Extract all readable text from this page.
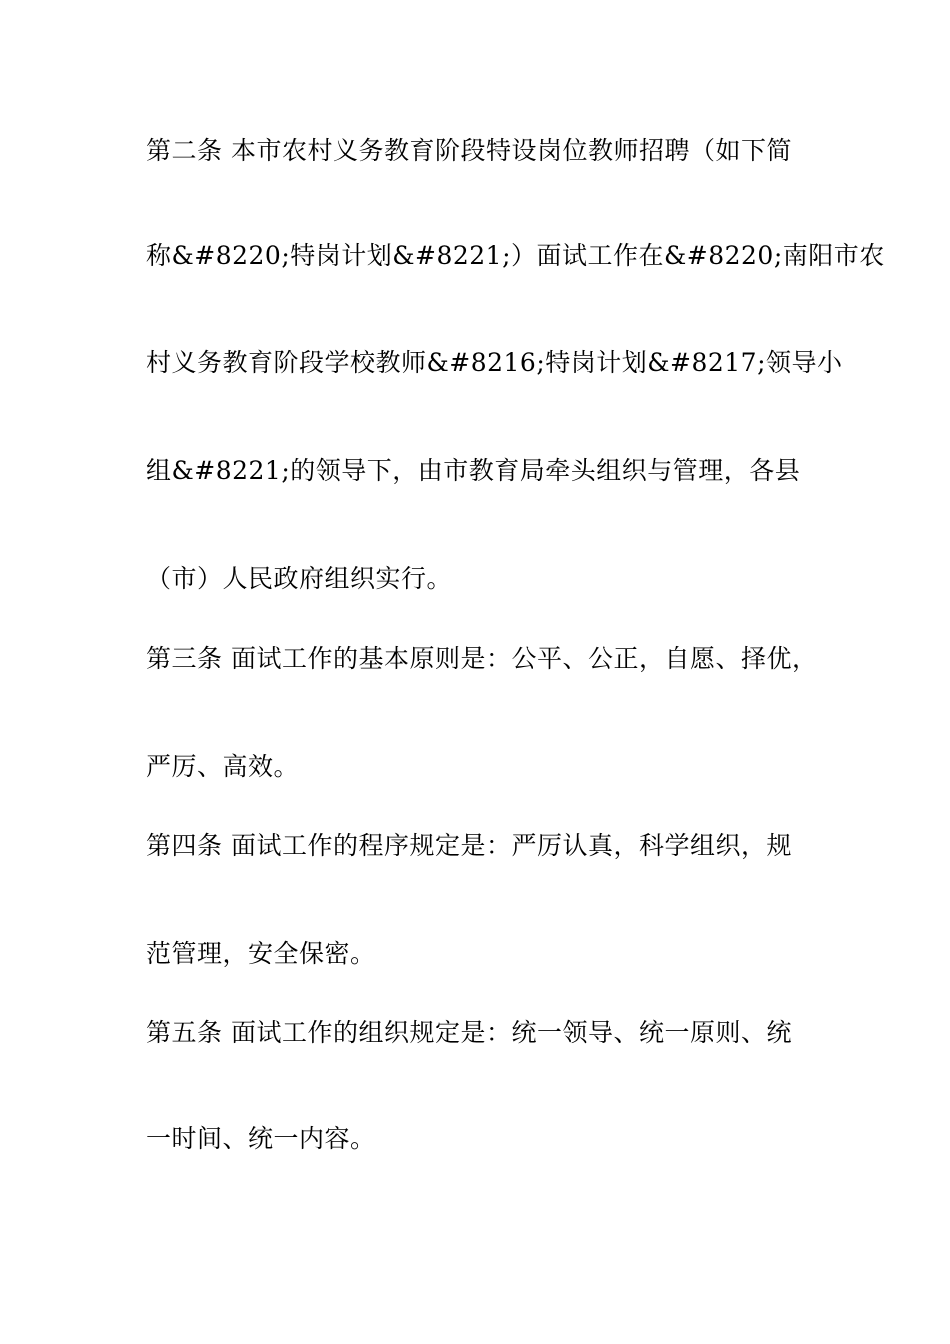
第二条 本市农村义务教育阶段特设岗位教师招聘（如下简
称&#8220;特岗计划&#8221;）面试工作在&#8220;南阳市农
村义务教育阶段学校教师&#8216;特岗计划&#8217;领导小
组&#8221;的领导下，由市教育局牵头组织与管理，各县
（市）人民政府组织实行。
第三条 面试工作的基本原则是：公平、公正，自愿、择优，
严厉、高效。
第四条 面试工作的程序规定是：严厉认真，科学组织，规
范管理，安全保密。
第五条 面试工作的组织规定是：统一领导、统一原则、统
一时间、统一内容。
